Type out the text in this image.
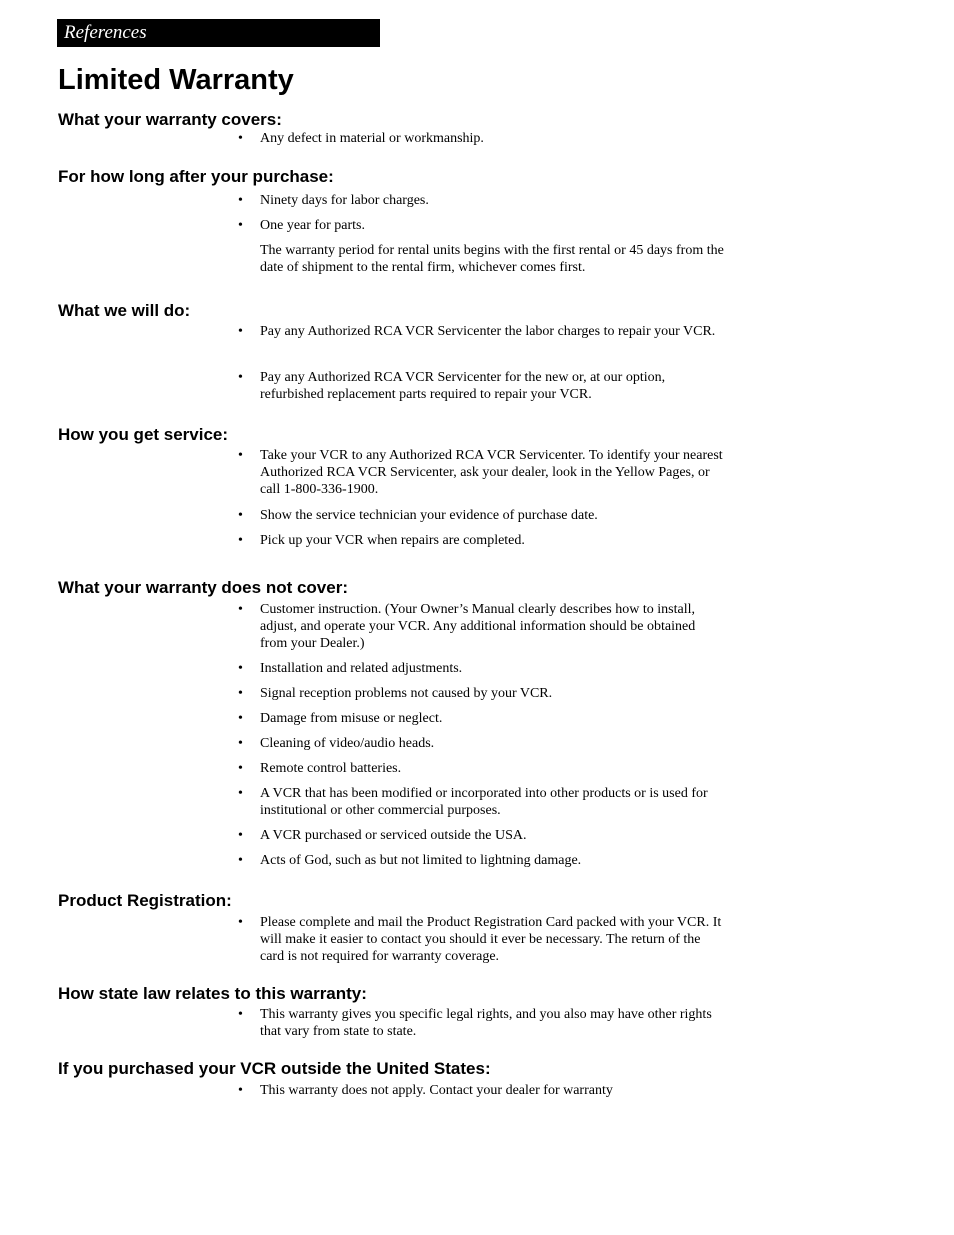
References
Limited Warranty
What your warranty covers:
• Any defect in material or workmanship.
For how long after your purchase:
• Ninety days for labor charges.
• One year for parts.
The warranty period for rental units begins with the first rental or 45 days from the date of shipment to the rental firm, whichever comes first.
What we will do:
• Pay any Authorized RCA VCR Servicenter the labor charges to repair your VCR.
• Pay any Authorized RCA VCR Servicenter for the new or, at our option, refurbished replacement parts required to repair your VCR.
How you get service:
• Take your VCR to any Authorized RCA VCR Servicenter. To identify your nearest Authorized RCA VCR Servicenter, ask your dealer, look in the Yellow Pages, or call 1-800-336-1900.
• Show the service technician your evidence of purchase date.
• Pick up your VCR when repairs are completed.
What your warranty does not cover:
• Customer instruction. (Your Owner’s Manual clearly describes how to install, adjust, and operate your VCR. Any additional information should be obtained from your Dealer.)
• Installation and related adjustments.
• Signal reception problems not caused by your VCR.
• Damage from misuse or neglect.
• Cleaning of video/audio heads.
• Remote control batteries.
• A VCR that has been modified or incorporated into other products or is used for institutional or other commercial purposes.
• A VCR purchased or serviced outside the USA.
• Acts of God, such as but not limited to lightning damage.
Product Registration:
• Please complete and mail the Product Registration Card packed with your VCR. It will make it easier to contact you should it ever be necessary. The return of the card is not required for warranty coverage.
How state law relates to this warranty:
• This warranty gives you specific legal rights, and you also may have other rights that vary from state to state.
If you purchased your VCR outside the United States:
• This warranty does not apply. Contact your dealer for warranty
